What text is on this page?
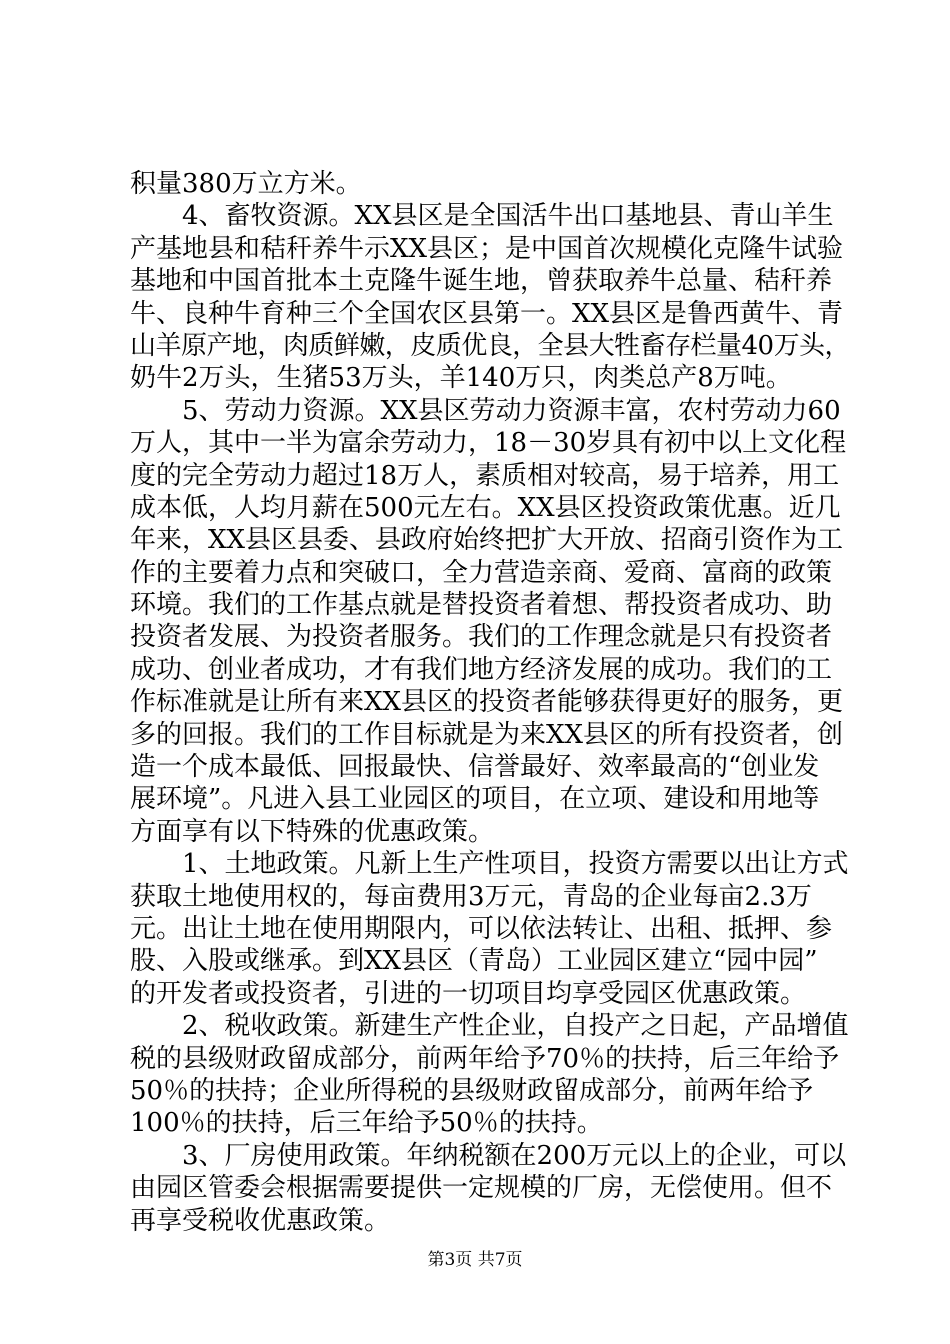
积量380万立方米。
4、畜牧资源。XX县区是全国活牛出口基地县、青山羊生
产基地县和秸秆养牛示XX县区；是中国首次规模化克隆牛试验
基地和中国首批本土克隆牛诞生地，曾获取养牛总量、秸秆养
牛、良种牛育种三个全国农区县第一。XX县区是鲁西黄牛、青
山羊原产地，肉质鲜嫩，皮质优良，全县大牲畜存栏量40万头，
奶牛2万头，生猪53万头，羊140万只，肉类总产8万吨。
5、劳动力资源。XX县区劳动力资源丰富，农村劳动力60
万人，其中一半为富余劳动力，18－30岁具有初中以上文化程
度的完全劳动力超过18万人，素质相对较高，易于培养，用工
成本低，人均月薪在500元左右。XX县区投资政策优惠。近几
年来，XX县区县委、县政府始终把扩大开放、招商引资作为工
作的主要着力点和突破口，全力营造亲商、爱商、富商的政策
环境。我们的工作基点就是替投资者着想、帮投资者成功、助
投资者发展、为投资者服务。我们的工作理念就是只有投资者
成功、创业者成功，才有我们地方经济发展的成功。我们的工
作标准就是让所有来XX县区的投资者能够获得更好的服务，更
多的回报。我们的工作目标就是为来XX县区的所有投资者，创
造一个成本最低、回报最快、信誉最好、效率最高的“创业发
展环境”。凡进入县工业园区的项目，在立项、建设和用地等
方面享有以下特殊的优惠政策。
1、土地政策。凡新上生产性项目，投资方需要以出让方式
获取土地使用权的，每亩费用3万元，青岛的企业每亩2.3万
元。出让土地在使用期限内，可以依法转让、出租、抵押、参
股、入股或继承。到XX县区（青岛）工业园区建立“园中园”
的开发者或投资者，引进的一切项目均享受园区优惠政策。
2、税收政策。新建生产性企业，自投产之日起，产品增值
税的县级财政留成部分，前两年给予70％的扶持，后三年给予
50％的扶持；企业所得税的县级财政留成部分，前两年给予
100％的扶持，后三年给予50％的扶持。
3、厂房使用政策。年纳税额在200万元以上的企业，可以
由园区管委会根据需要提供一定规模的厂房，无偿使用。但不
再享受税收优惠政策。
第3页 共7页
